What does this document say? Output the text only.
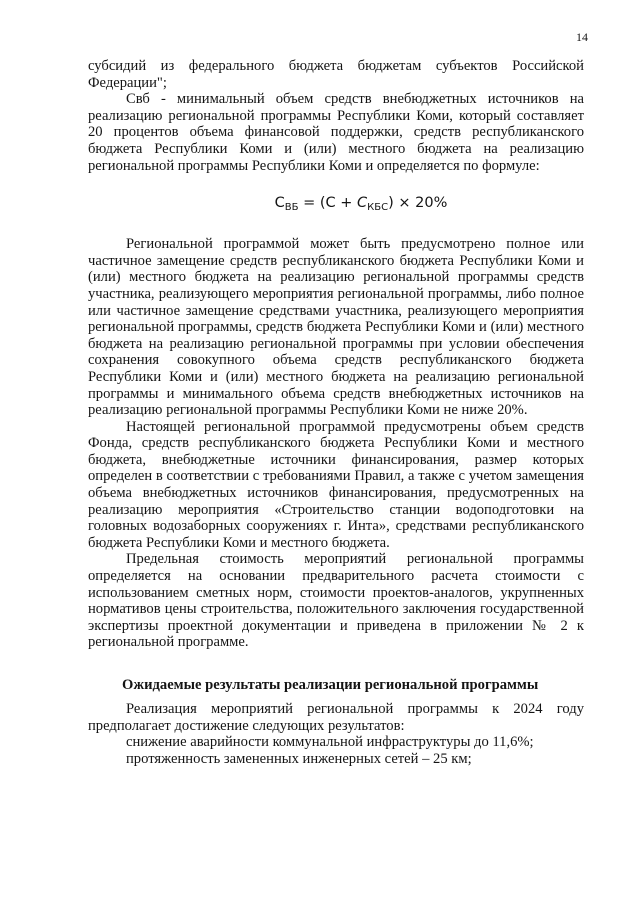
14

субсидий из федерального бюджета бюджетам субъектов Российской Федерации";

Cвб - минимальный объем средств внебюджетных источников на реализацию региональной программы Республики Коми, который составляет 20 процентов объема финансовой поддержки, средств республиканского бюджета Республики Коми и (или) местного бюджета на реализацию региональной программы Республики Коми и определяется по формуле:

$C_{ВБ} = (C + C_{КБС}) \times 20\%$

Региональной программой может быть предусмотрено полное или частичное замещение средств республиканского бюджета Республики Коми и (или) местного бюджета на реализацию региональной программы средств участника, реализующего мероприятия региональной программы, либо полное или частичное замещение средствами участника, реализующего мероприятия региональной программы, средств бюджета Республики Коми и (или) местного бюджета на реализацию региональной программы при условии обеспечения сохранения совокупного объема средств республиканского бюджета Республики Коми и (или) местного бюджета на реализацию региональной программы и минимального объема средств внебюджетных источников на реализацию региональной программы Республики Коми не ниже 20%.

Настоящей региональной программой предусмотрены объем средств Фонда, средств республиканского бюджета Республики Коми и местного бюджета, внебюджетные источники финансирования, размер которых определен в соответствии с требованиями Правил, а также с учетом замещения объема внебюджетных источников финансирования, предусмотренных на реализацию мероприятия «Строительство станции водоподготовки на головных водозаборных сооружениях г. Инта», средствами республиканского бюджета Республики Коми и местного бюджета.

Предельная стоимость мероприятий региональной программы определяется на основании предварительного расчета стоимости с использованием сметных норм, стоимости проектов-аналогов, укрупненных нормативов цены строительства, положительного заключения государственной экспертизы проектной документации и приведена в приложении № 2 к региональной программе.

Ожидаемые результаты реализации региональной программы

Реализация мероприятий региональной программы к 2024 году предполагает достижение следующих результатов:

снижение аварийности коммунальной инфраструктуры до 11,6%;

протяженность замененных инженерных сетей – 25 км;
